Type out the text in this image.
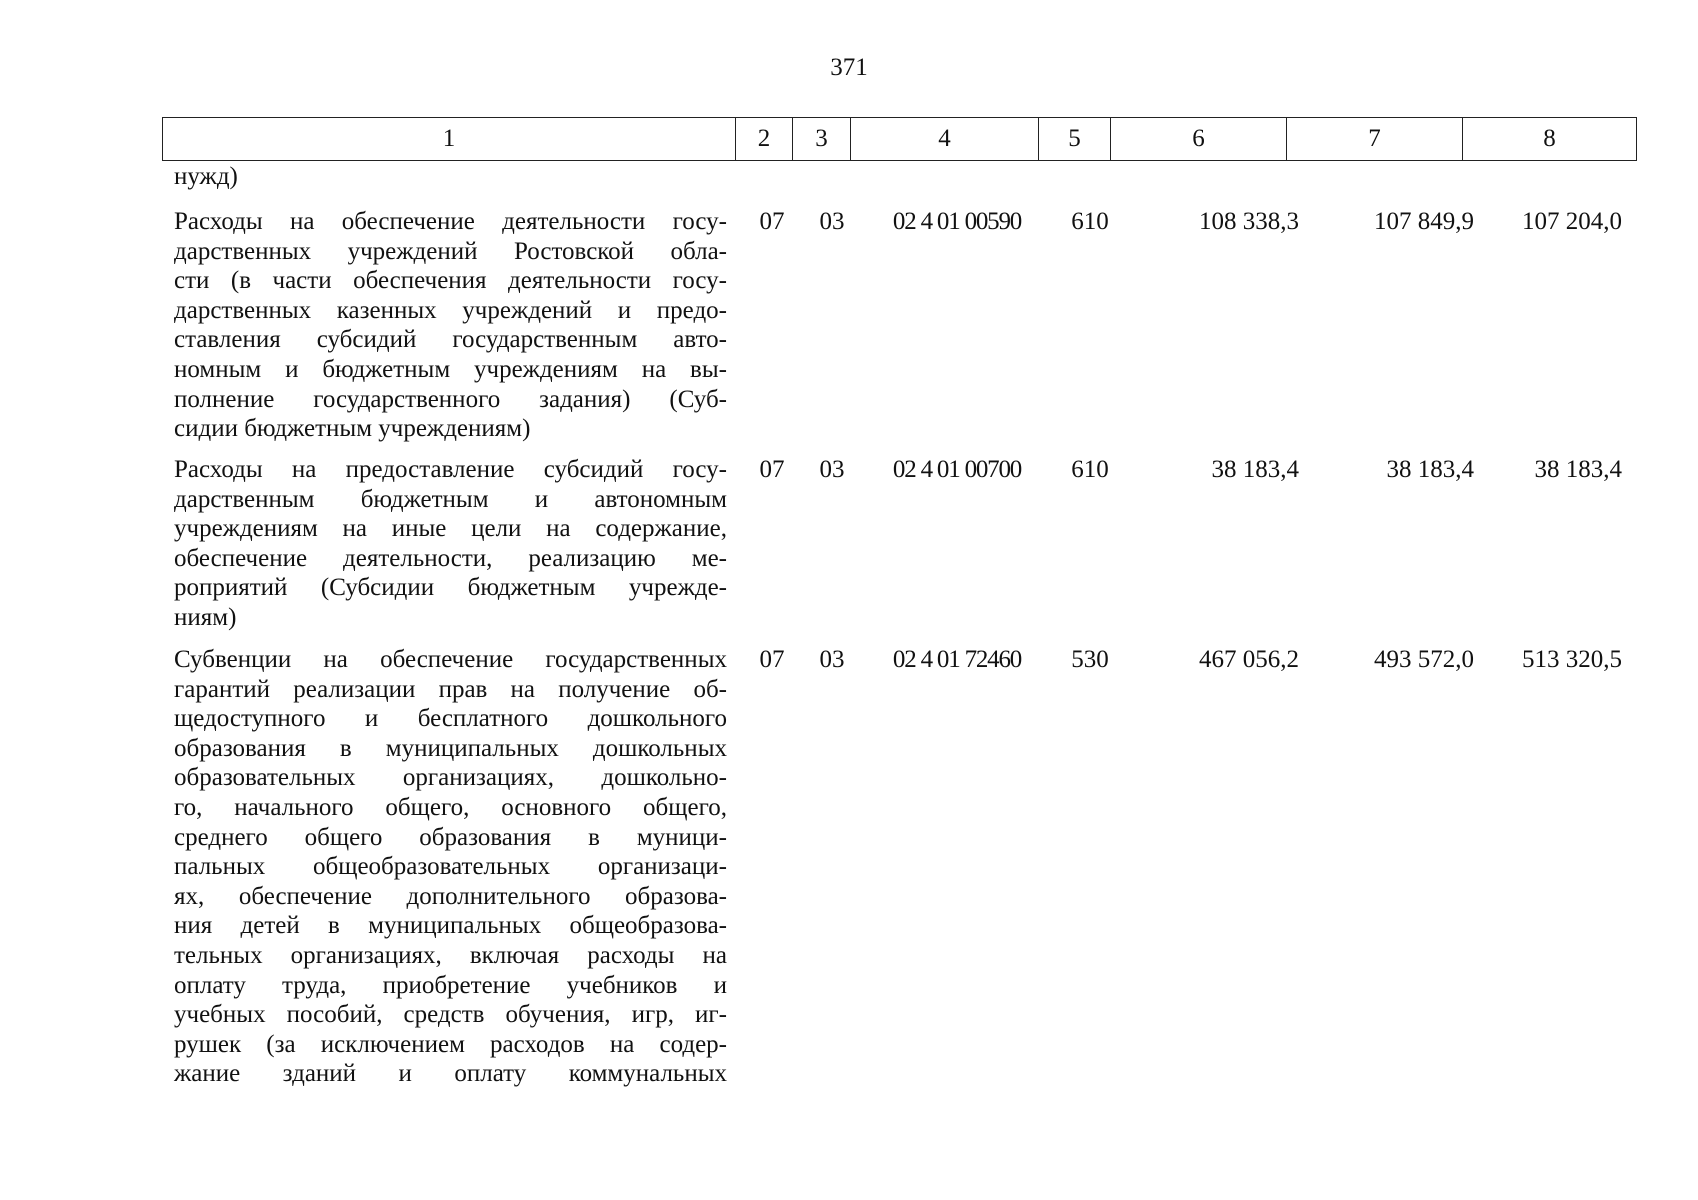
371
1	2	3	4	5	6	7	8
нужд)
Расходы на обеспечение деятельности госу-
дарственных учреждений Ростовской обла-
сти (в части обеспечения деятельности госу-
дарственных казенных учреждений и предо-
ставления субсидий государственным авто-
номным и бюджетным учреждениям на вы-
полнение государственного задания) (Суб-
сидии бюджетным учреждениям)
07	03	02 4 01 00590	610	108 338,3	107 849,9	107 204,0
Расходы на предоставление субсидий госу-
дарственным бюджетным и автономным
учреждениям на иные цели на содержание,
обеспечение деятельности, реализацию ме-
роприятий (Субсидии бюджетным учрежде-
ниям)
07	03	02 4 01 00700	610	38 183,4	38 183,4	38 183,4
Субвенции на обеспечение государственных
гарантий реализации прав на получение об-
щедоступного и бесплатного дошкольного
образования в муниципальных дошкольных
образовательных организациях, дошкольно-
го, начального общего, основного общего,
среднего общего образования в муници-
пальных общеобразовательных организаци-
ях, обеспечение дополнительного образова-
ния детей в муниципальных общеобразова-
тельных организациях, включая расходы на
оплату труда, приобретение учебников и
учебных пособий, средств обучения, игр, иг-
рушек (за исключением расходов на содер-
жание зданий и оплату коммунальных
07	03	02 4 01 72460	530	467 056,2	493 572,0	513 320,5
